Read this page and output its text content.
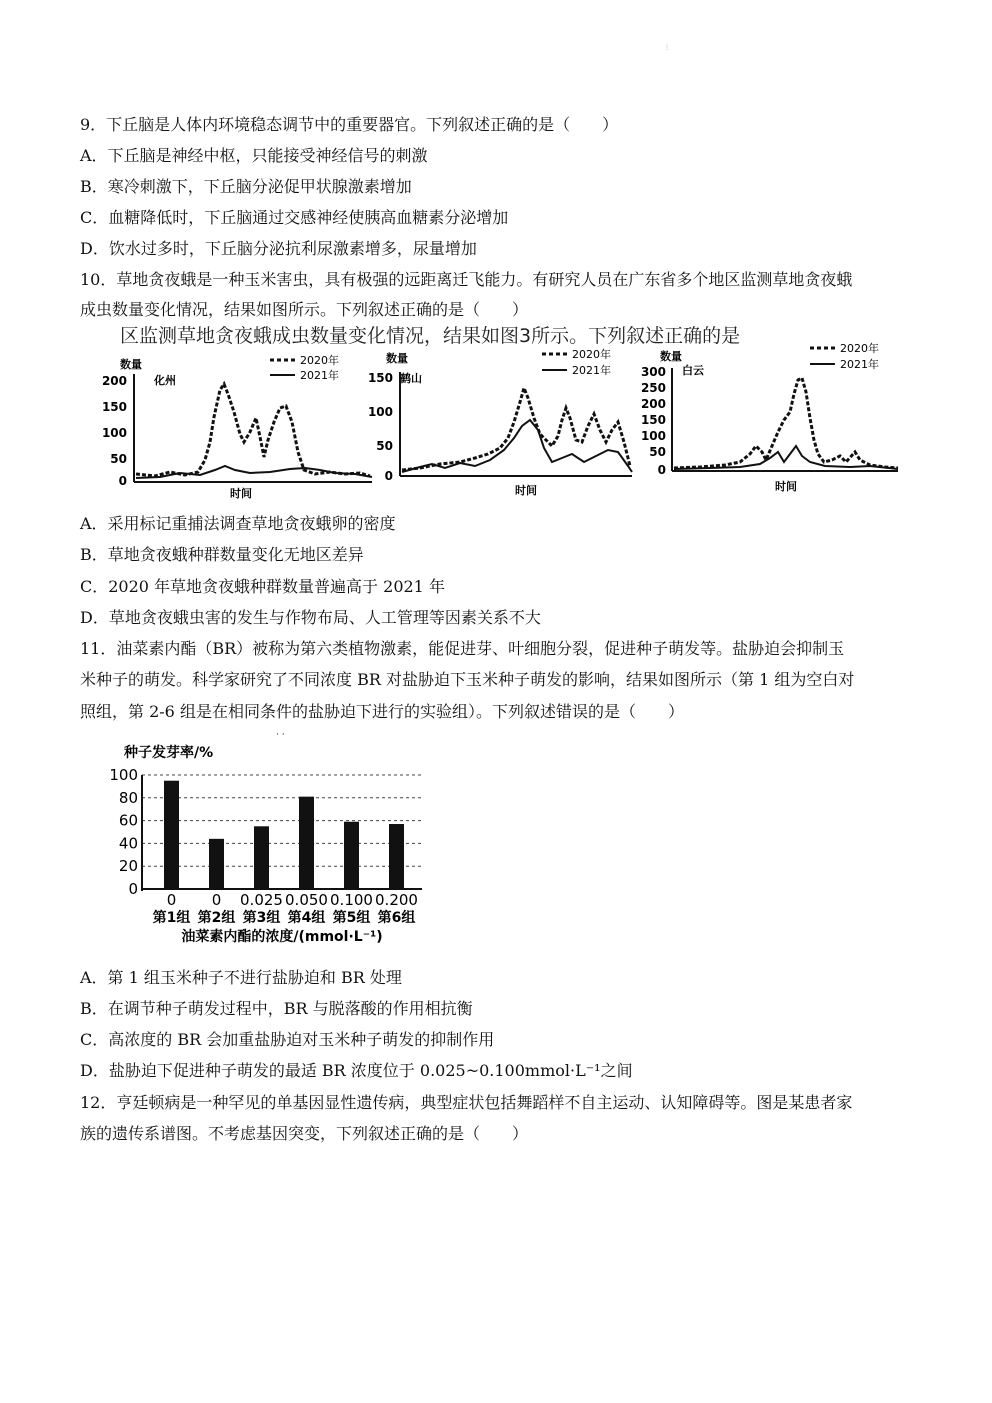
⋮
9．下丘脑是人体内环境稳态调节中的重要器官。下列叙述正确的是（　　）
A．下丘脑是神经中枢，只能接受神经信号的刺激
B．寒冷刺激下，下丘脑分泌促甲状腺激素增加
C．血糖降低时，下丘脑通过交感神经使胰高血糖素分泌增加
D．饮水过多时，下丘脑分泌抗利尿激素增多，尿量增加
10．草地贪夜蛾是一种玉米害虫，具有极强的远距离迁飞能力。有研究人员在广东省多个地区监测草地贪夜蛾
成虫数量变化情况，结果如图所示。下列叙述正确的是（　　）
区监测草地贪夜蛾成虫数量变化情况，结果如图3所示。下列叙述正确的是
数量
化州
2020年
2021年
200
150
100
50
0
时间
数量
鹤山
2020年
2021年
150
100
50
0
时间
数量
白云
2020年
2021年
300
250
200
150
100
50
0
时间
A．采用标记重捕法调查草地贪夜蛾卵的密度
B．草地贪夜蛾种群数量变化无地区差异
C．2020 年草地贪夜蛾种群数量普遍高于 2021 年
D．草地贪夜蛾虫害的发生与作物布局、人工管理等因素关系不大
11．油菜素内酯（BR）被称为第六类植物激素，能促进芽、叶细胞分裂，促进种子萌发等。盐胁迫会抑制玉
米种子的萌发。科学家研究了不同浓度 BR 对盐胁迫下玉米种子萌发的影响，结果如图所示（第 1 组为空白对
照组，第 2-6 组是在相同条件的盐胁迫下进行的实验组）。下列叙述错误的是（　　）
· ·
种子发芽率/%
100
80
60
40
20
0
0
第1组
0
第2组
0.025
第3组
0.050
第4组
0.100
第5组
0.200
第6组
油菜素内酯的浓度/(mmol·L⁻¹)
A．第 1 组玉米种子不进行盐胁迫和 BR 处理
B．在调节种子萌发过程中，BR 与脱落酸的作用相抗衡
C．高浓度的 BR 会加重盐胁迫对玉米种子萌发的抑制作用
D．盐胁迫下促进种子萌发的最适 BR 浓度位于 0.025~0.100mmol·L⁻¹之间
12．亨廷顿病是一种罕见的单基因显性遗传病，典型症状包括舞蹈样不自主运动、认知障碍等。图是某患者家
族的遗传系谱图。不考虑基因突变，下列叙述正确的是（　　）
